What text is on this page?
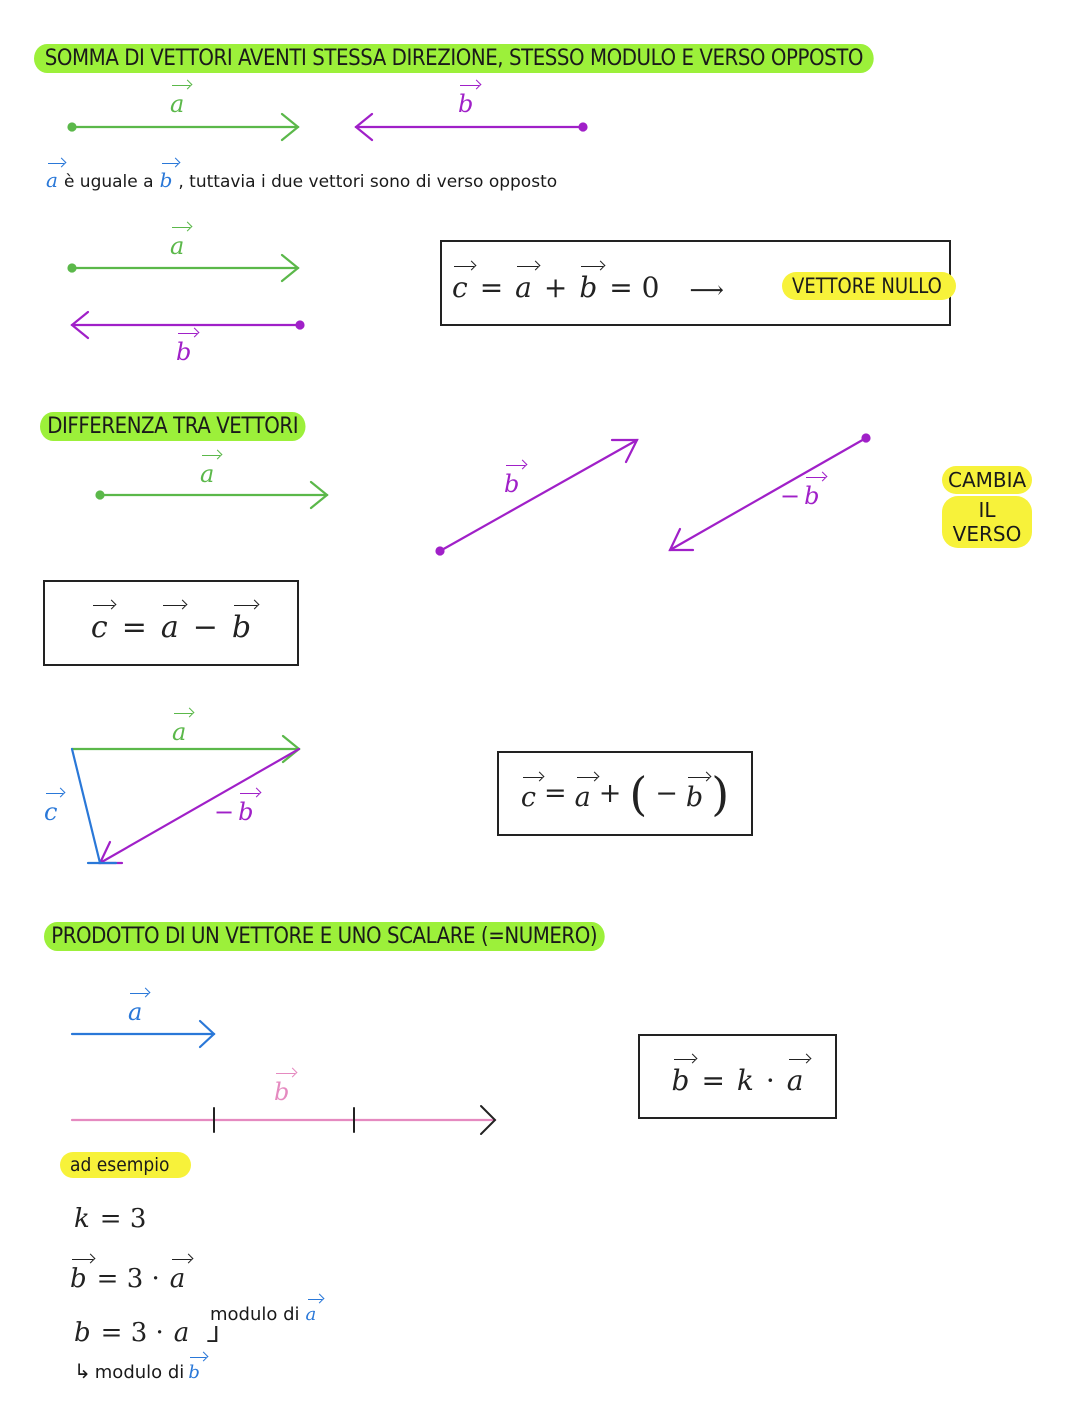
SOMMA DI VETTORI AVENTI STESSA DIREZIONE, STESSO MODULO E VERSO OPPOSTO
a	b
a è uguale a b , tuttavia i due vettori sono di verso opposto
a
b
c = a + b = 0 ⟶	VETTORE NULLO
DIFFERENZA TRA VETTORI
a	b	− b
CAMBIA IL VERSO
c = a − b
a
c	− b	c = a + ( − b )
PRODOTTO DI UN VETTORE E UNO SCALARE (=NUMERO)
a
b	b = k · a
ad esempio
k = 3
b = 3 · a
modulo di a
b = 3 · a ⅃
↳ modulo di b
